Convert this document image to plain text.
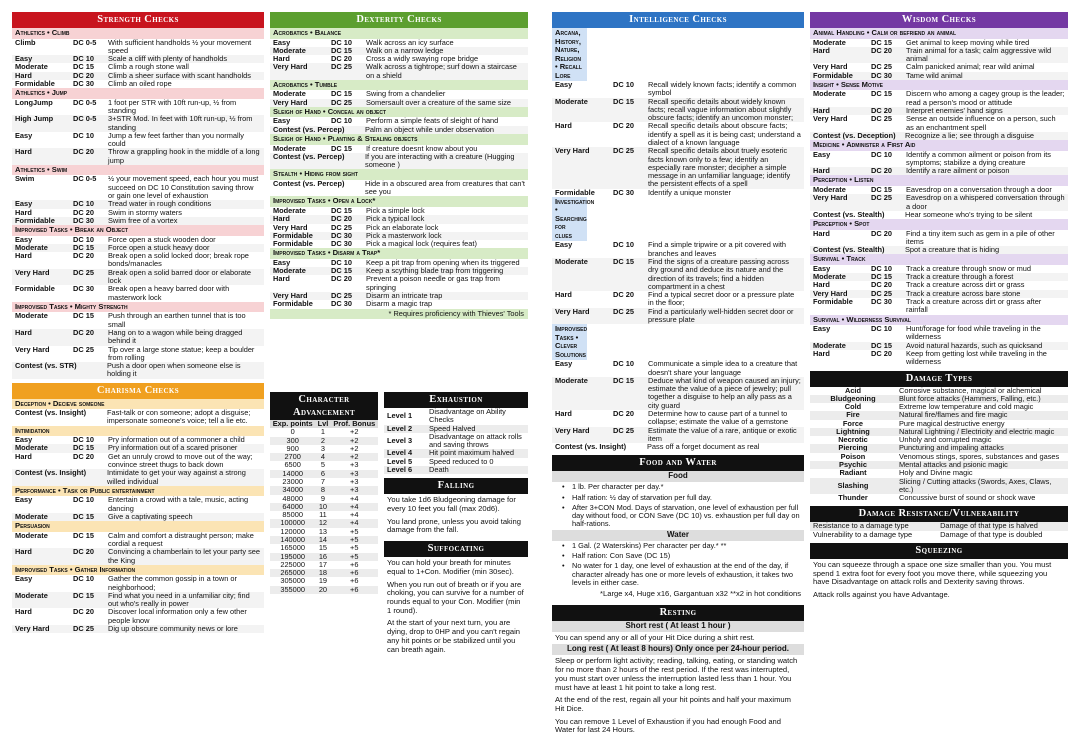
Strength Checks
Athletics • Climb
Climb	DC 0-5	With sufficient handholds ½ your movement speed
Easy	DC 10	Scale a cliff with plenty of handholds
Moderate	DC 15	Climb a rough stone wall
Hard	DC 20	Climb a sheer surface with scant handholds
Formidable	DC 30	Climb an oiled rope
Athletics • Jump
LongJump	DC 0-5	1 foot per STR with 10ft run-up, ½ from standing
High Jump	DC 0-5	3+STR Mod. In feet with 10ft run-up, ½ from standing
Easy	DC 10	Jump a few feet farther than you normally could
Hard	DC 20	Throw a grappling hook in the middle of a long jump
Athletics • Swim
Swim	DC 0-5	½ your movement speed, each hour you must succeed on DC 10 Constitution saving throw or gain one level of exhaustion
Easy	DC 10	Tread water in rough conditions
Hard	DC 20	Swim in stormy waters
Formidable	DC 30	Swim free of a vortex
Improvised Tasks • Break an Object
Easy	DC 10	Force open a stuck wooden door
Moderate	DC 15	Force open a stuck heavy door
Hard	DC 20	Break open a solid locked door; break rope bonds/manacles
Very Hard	DC 25	Break open a solid barred door or elaborate lock
Formidable	DC 30	Break open a heavy barred door with masterwork lock
Improvised Tasks • Mighty Strength
Moderate	DC 15	Push through an earthen tunnel that is too small
Hard	DC 20	Hang on to a wagon while being dragged behind it
Very Hard	DC 25	Tip over a large stone statue; keep a boulder from rolling
Contest (vs. STR)	Push a door open when someone else is holding it
Charisma Checks
Deception • Decieve someone
Contest (vs. Insight)	Fast-talk or con someone; adopt a disguise; impersonate someone's voice; tell a lie etc.
Intimidation
Easy	DC 10	Pry information out of a commoner a child
Moderate	DC 15	Pry information out of a scared prisoner
Hard	DC 20	Get an unruly crowd to move out of the way; convince street thugs to back down
Contest (vs. Insight)	Intimidate to get your way against a strong willed individual
Performance • Task or Public entertainment
Easy	DC 10	Entertain a crowd with a tale, music, acting dancing
Moderate	DC 15	Give a captivating speech
Persuasion
Moderate	DC 15	Calm and comfort a distraught person; make cordial a request
Hard	DC 20	Convincing a chamberlain to let your party see the King
Improvised Tasks • Gather Information
Easy	DC 10	Gather the common gossip in a town or neighborhood;
Moderate	DC 15	Find what you need in a unfamiliar city; find out who's really in power
Hard	DC 20	Discover local information only a few other people know
Very Hard	DC 25	Dig up obscure community news or lore
Dexterity Checks
Acrobatics • Balance
Easy	DC 10	Walk across an icy surface
Moderate	DC 15	Walk on a narrow ledge
Hard	DC 20	Cross a widly swaying rope bridge
Very Hard	DC 25	Walk across a tightrope; surf down a staircase on a shield
Acrobatics • Tumble
Moderate	DC 15	Swing from a chandelier
Very Hard	DC 25	Somersault over a creature of the same size
Sleigh of Hand • Conceal an object
Easy	DC 10	Perform a simple feats of sleight of hand
Contest (vs. Percep)	Palm an object while under observation
Sleigh of Hand • Planting & Stealing objects
Moderate	DC 15	If creature doesnt know about you
Contest (vs. Percep)	If you are interacting with a creature (Hugging someone )
Stealth • Hiding from sight
Contest (vs. Percep)	Hide in a obscured area from creatures that can't see you
Improvised Tasks • Open a Lock*
Moderate	DC 15	Pick a simple lock
Hard	DC 20	Pick a typical lock
Very Hard	DC 25	Pick an elaborate lock
Formidable	DC 30	Pick a masterwork lock
Formidable	DC 30	Pick a magical lock (requires feat)
Improvised Tasks • Disarm a Trap*
Easy	DC 10	Keep a pit trap from opening when its triggered
Moderate	DC 15	Keep a scything blade trap from triggering
Hard	DC 20	Prevent a poison needle or gas trap from springing
Very Hard	DC 25	Disarm an intricate trap
Formidable	DC 30	Disarm a magic trap
* Requires proficiency with Thieves' Tools
Character Advancement
Exp. points	Lvl	Prof. Bonus
0	1	+2
300	2	+2
900	3	+2
2700	4	+2
6500	5	+3
14000	6	+3
23000	7	+3
34000	8	+3
48000	9	+4
64000	10	+4
85000	11	+4
100000	12	+4
120000	13	+5
140000	14	+5
165000	15	+5
195000	16	+5
225000	17	+6
265000	18	+6
305000	19	+6
355000	20	+6
Exhaustion
Level 1	Disadvantage on Ability Checks
Level 2	Speed Halved
Level 3	Disadvantage on attack rolls and saving throws
Level 4	Hit point maximum halved
Level 5	Speed reduced to 0
Level 6	Death
Falling
You take 1d6 Bludgeoning damage for every 10 feet you fall (max 20d6).
You land prone, unless you avoid taking damage from the fall.
Suffocating
You can hold your breath for minutes equal to 1+Con. Modifier (min 30sec).
When you run out of breath or if you are choking, you can survive for a number of rounds equal to your Con. Modifier (min 1 round).
At the start of your next turn, you are dying, drop to 0HP and you can't regain any hit points or be stabilized until you can breath again.
Intelligence Checks
Arcana, History, Nature, Religion • Recall Lore
Easy	DC 10	Recall widely known facts; identify a common symbol
Moderate	DC 15	Recall specific details about widely known facts; recall vague information about slightly obscure facts; identify an uncomon monster;
Hard	DC 20	Recall specific details about obscure facts; identify a spell as it is being cast; understand a dialect of a known language
Very Hard	DC 25	Recall specific details about truely esoteric facts known only to a few; identify an especially rare monster; decipher a simple message in an unfamiliar language; identify the persistent effects of a spell
Formidable	DC 30	Identify a unique monster
Investigation • Searching for clues
Easy	DC 10	Find a simple tripwire or a pit covered with branches and leaves
Moderate	DC 15	Find the signs of a creature passing across dry ground and deduce its nature and the direction of its travels; find a hidden compartment in a chest
Hard	DC 20	Find a typical secret door or a pressure plate in the floor;
Very Hard	DC 25	Find a particularly well-hidden secret door or pressure plate
Improvised Tasks • Clever Solutions
Easy	DC 10	Communicate a simple idea to a creature that doesn't share your language
Moderate	DC 15	Deduce what kind of weapon caused an injury; estimate the value of a piece of jewelry; pull together a disguise to help an ally pass as a city guard
Hard	DC 20	Determine how to cause part of a tunnel to collapse; estimate the value of a gemstone
Very Hard	DC 25	Estimate the value of a rare, antique or exotic item
Contest (vs. Insight)	Pass off a forget document as real
Food and Water
Food
• 1 lb. Per character per day.*
• Half ration: ½ day of starvation per full day.
• After 3+CON Mod. Days of starvation, one level of exhaustion per full day without food, or CON Save (DC 10) vs. exhaustion per full day on half-rations.
Water
• 1 Gal. (2 Waterskins) Per character per day.* **
• Half ration: Con Save (DC 15)
• No water for 1 day, one level of exhaustion at the end of the day, if character already has one or more levels of exhaustion, it takes two levels in either case.
*Large x4, Huge x16, Gargantuan x32 **x2 in hot conditions
Resting
Short rest ( At least 1 hour )
You can spend any or all of your Hit Dice during a shirt rest.
Long rest ( At least 8 hours) Only once per 24-hour period.
Sleep or perform light activity; reading, talking, eating, or standing watch for no more than 2 hours of the rest period. If the rest was interrupted, you must start over unless the interruption lasted less than 1 hour. You must have at least 1 hit point to take a long rest.
At the end of the rest, regain all your hit points and half your maximum Hit Dice.
You can remove 1 Level of Exhaustion if you had enough Food and Water for last 24 Hours.
Wisdom Checks
Animal Handling • Calm or befriend an animal
Moderate	DC 15	Get animal to keep moving while tired
Hard	DC 20	Train animal for a task; calm aggressive wild animal
Very Hard	DC 25	Calm panicked animal; rear wild animal
Formidable	DC 30	Tame wild animal
Insight • Sense Motive
Moderate	DC 15	Discern who among a cagey group is the leader; read a person's mood or attitude
Hard	DC 20	Interpret enemies' hand signs
Very Hard	DC 25	Sense an outside influence on a person, such as an enchantment spell
Contest (vs. Deception)	Recognize a lie; see through a disguise
Medicine • Administer a First Aid
Easy	DC 10	Identify a common ailment or poison from its symptoms; stabilize a dying creature
Hard	DC 20	Identify a rare ailment or poison
Perception • Listen
Moderate	DC 15	Eavesdrop on a conversation through a door
Very Hard	DC 25	Eavesdrop on a whispered conversation through a door
Contest (vs. Stealth)	Hear someone who's trying to be silent
Perception • Spot
Hard	DC 20	Find a tiny item such as gem in a pile of other items
Contest (vs. Stealth)	Spot a creature that is hiding
Survival • Track
Easy	DC 10	Track a creature through snow or mud
Moderate	DC 15	Track a creature through a forest
Hard	DC 20	Track a creature across dirt or grass
Very Hard	DC 25	Track a creature across bare stone
Formidable	DC 30	Track a creature across dirt or grass after rainfall
Survival • Wilderness Survival
Easy	DC 10	Hunt/forage for food while traveling in the wilderness
Moderate	DC 15	Avoid natural hazards, such as quicksand
Hard	DC 20	Keep from getting lost while traveling in the wilderness
Damage Types
Acid	Corrosive substance, magical or alchemical
Bludgeoning	Blunt force attacks (Hammers, Falling, etc.)
Cold	Extreme low temperature and cold magic
Fire	Natural fire/flames and fire magic
Force	Pure magical destructive energy
Lightning	Natural Lightning / Electricity and electric magic
Necrotic	Unholy and corrupted magic
Piercing	Puncturing and impaling attacks
Poison	Venomous stings, spores, substances and gases
Psychic	Mental attacks and psionic magic
Radiant	Holy and Divine magic
Slashing	Slicing / Cutting attacks (Swords, Axes, Claws, etc.)
Thunder	Concussive burst of sound or shock wave
Damage Resistance/Vulnerability
Resistance to a damage type	Damage of that type is halved
Vulnerability to a damage type	Damage of that type is doubled
Squeezing
You can squeeze through a space one size smaller than you. You must spend 1 extra foot for every foot you move there, while squeezing you have Disadvantage on attack rolls and Dexterity saving throws.
Attack rolls against you have Advantage.
